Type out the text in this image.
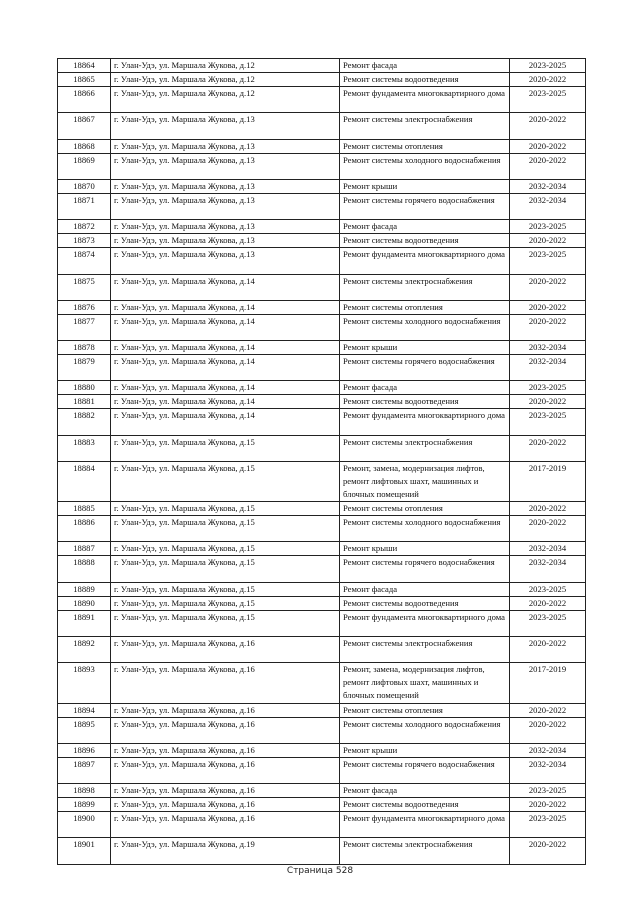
18864	г. Улан-Удэ, ул. Маршала Жукова, д.12	Ремонт фасада	2023-2025
18865	г. Улан-Удэ, ул. Маршала Жукова, д.12	Ремонт системы водоотведения	2020-2022
18866	г. Улан-Удэ, ул. Маршала Жукова, д.12	Ремонт фундамента многоквартирного дома	2023-2025
18867	г. Улан-Удэ, ул. Маршала Жукова, д.13	Ремонт системы электроснабжения	2020-2022
18868	г. Улан-Удэ, ул. Маршала Жукова, д.13	Ремонт системы отопления	2020-2022
18869	г. Улан-Удэ, ул. Маршала Жукова, д.13	Ремонт системы холодного водоснабжения	2020-2022
18870	г. Улан-Удэ, ул. Маршала Жукова, д.13	Ремонт крыши	2032-2034
18871	г. Улан-Удэ, ул. Маршала Жукова, д.13	Ремонт системы горячего водоснабжения	2032-2034
18872	г. Улан-Удэ, ул. Маршала Жукова, д.13	Ремонт фасада	2023-2025
18873	г. Улан-Удэ, ул. Маршала Жукова, д.13	Ремонт системы водоотведения	2020-2022
18874	г. Улан-Удэ, ул. Маршала Жукова, д.13	Ремонт фундамента многоквартирного дома	2023-2025
18875	г. Улан-Удэ, ул. Маршала Жукова, д.14	Ремонт системы электроснабжения	2020-2022
18876	г. Улан-Удэ, ул. Маршала Жукова, д.14	Ремонт системы отопления	2020-2022
18877	г. Улан-Удэ, ул. Маршала Жукова, д.14	Ремонт системы холодного водоснабжения	2020-2022
18878	г. Улан-Удэ, ул. Маршала Жукова, д.14	Ремонт крыши	2032-2034
18879	г. Улан-Удэ, ул. Маршала Жукова, д.14	Ремонт системы горячего водоснабжения	2032-2034
18880	г. Улан-Удэ, ул. Маршала Жукова, д.14	Ремонт фасада	2023-2025
18881	г. Улан-Удэ, ул. Маршала Жукова, д.14	Ремонт системы водоотведения	2020-2022
18882	г. Улан-Удэ, ул. Маршала Жукова, д.14	Ремонт фундамента многоквартирного дома	2023-2025
18883	г. Улан-Удэ, ул. Маршала Жукова, д.15	Ремонт системы электроснабжения	2020-2022
18884	г. Улан-Удэ, ул. Маршала Жукова, д.15	Ремонт, замена, модернизация лифтов, ремонт лифтовых шахт, машинных и блочных помещений	2017-2019
18885	г. Улан-Удэ, ул. Маршала Жукова, д.15	Ремонт системы отопления	2020-2022
18886	г. Улан-Удэ, ул. Маршала Жукова, д.15	Ремонт системы холодного водоснабжения	2020-2022
18887	г. Улан-Удэ, ул. Маршала Жукова, д.15	Ремонт крыши	2032-2034
18888	г. Улан-Удэ, ул. Маршала Жукова, д.15	Ремонт системы горячего водоснабжения	2032-2034
18889	г. Улан-Удэ, ул. Маршала Жукова, д.15	Ремонт фасада	2023-2025
18890	г. Улан-Удэ, ул. Маршала Жукова, д.15	Ремонт системы водоотведения	2020-2022
18891	г. Улан-Удэ, ул. Маршала Жукова, д.15	Ремонт фундамента многоквартирного дома	2023-2025
18892	г. Улан-Удэ, ул. Маршала Жукова, д.16	Ремонт системы электроснабжения	2020-2022
18893	г. Улан-Удэ, ул. Маршала Жукова, д.16	Ремонт, замена, модернизация лифтов, ремонт лифтовых шахт, машинных и блочных помещений	2017-2019
18894	г. Улан-Удэ, ул. Маршала Жукова, д.16	Ремонт системы отопления	2020-2022
18895	г. Улан-Удэ, ул. Маршала Жукова, д.16	Ремонт системы холодного водоснабжения	2020-2022
18896	г. Улан-Удэ, ул. Маршала Жукова, д.16	Ремонт крыши	2032-2034
18897	г. Улан-Удэ, ул. Маршала Жукова, д.16	Ремонт системы горячего водоснабжения	2032-2034
18898	г. Улан-Удэ, ул. Маршала Жукова, д.16	Ремонт фасада	2023-2025
18899	г. Улан-Удэ, ул. Маршала Жукова, д.16	Ремонт системы водоотведения	2020-2022
18900	г. Улан-Удэ, ул. Маршала Жукова, д.16	Ремонт фундамента многоквартирного дома	2023-2025
18901	г. Улан-Удэ, ул. Маршала Жукова, д.19	Ремонт системы электроснабжения	2020-2022
Страница 528
